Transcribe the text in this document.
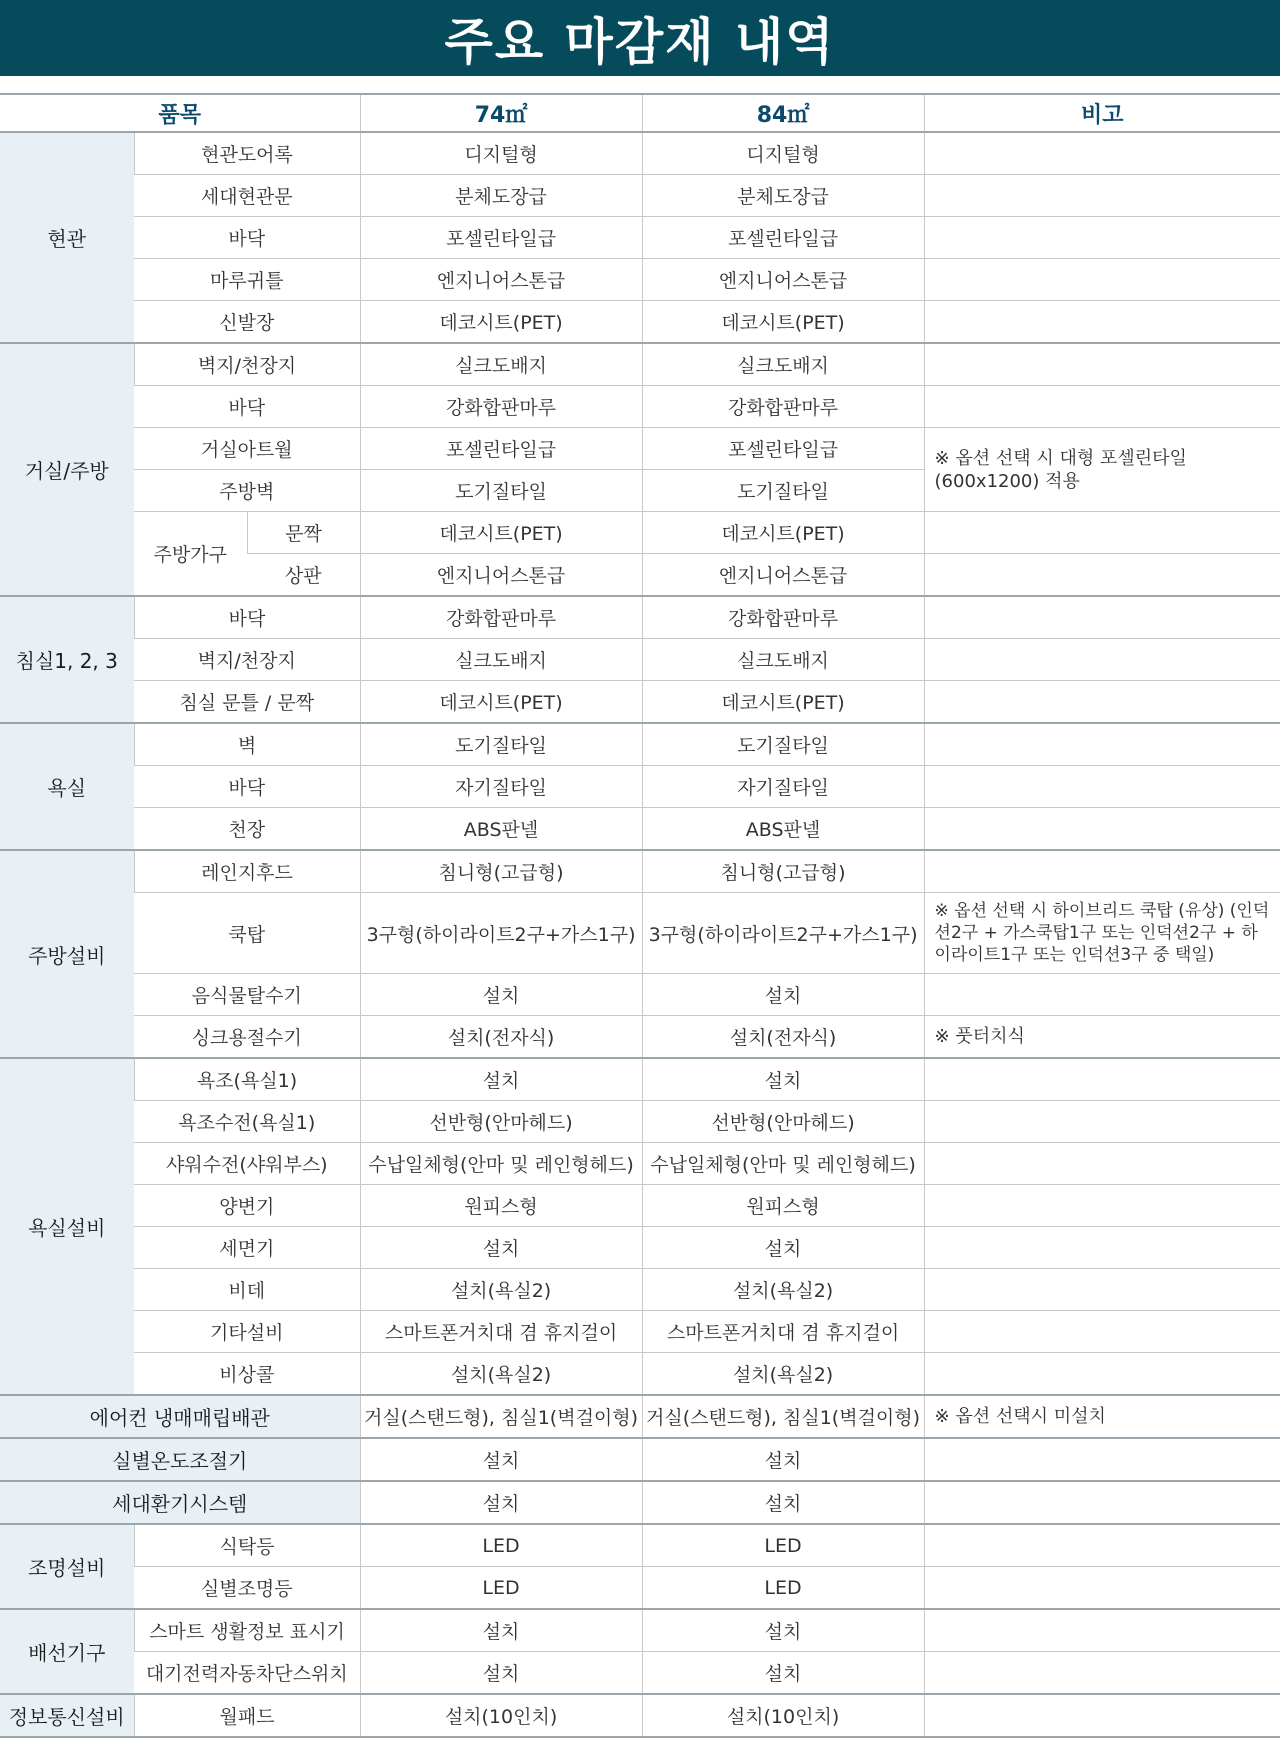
주요 마감재 내역
품목			74㎡	84㎡	비고
현관	현관도어록		디지털형	디지털형	
	세대현관문		분체도장급	분체도장급	
	바닥		포셀린타일급	포셀린타일급	
	마루귀틀		엔지니어스톤급	엔지니어스톤급	
	신발장		데코시트(PET)	데코시트(PET)	
거실/주방	벽지/천장지		실크도배지	실크도배지	
	바닥		강화합판마루	강화합판마루	
	거실아트월		포셀린타일급	포셀린타일급	※ 옵션 선택 시 대형 포셀린타일 (600x1200) 적용
	주방벽		도기질타일	도기질타일	
	주방가구	문짝	데코시트(PET)	데코시트(PET)	
		상판	엔지니어스톤급	엔지니어스톤급	
침실1, 2, 3	바닥		강화합판마루	강화합판마루	
	벽지/천장지		실크도배지	실크도배지	
	침실 문틀 / 문짝		데코시트(PET)	데코시트(PET)	
욕실	벽		도기질타일	도기질타일	
	바닥		자기질타일	자기질타일	
	천장		ABS판넬	ABS판넬	
주방설비	레인지후드		침니형(고급형)	침니형(고급형)	
	쿡탑		3구형(하이라이트2구+가스1구)	3구형(하이라이트2구+가스1구)	※ 옵션 선택 시 하이브리드 쿡탑 (유상) (인덕션2구 + 가스쿡탑1구 또는 인덕션2구 + 하이라이트1구 또는 인덕션3구 중 택일)
	음식물탈수기		설치	설치	
	싱크용절수기		설치(전자식)	설치(전자식)	※ 풋터치식
욕실설비	욕조(욕실1)		설치	설치	
	욕조수전(욕실1)		선반형(안마헤드)	선반형(안마헤드)	
	샤워수전(샤워부스)		수납일체형(안마 및 레인형헤드)	수납일체형(안마 및 레인형헤드)	
	양변기		원피스형	원피스형	
	세면기		설치	설치	
	비데		설치(욕실2)	설치(욕실2)	
	기타설비		스마트폰거치대 겸 휴지걸이	스마트폰거치대 겸 휴지걸이	
	비상콜		설치(욕실2)	설치(욕실2)	
에어컨 냉매매립배관			거실(스탠드형), 침실1(벽걸이형)	거실(스탠드형), 침실1(벽걸이형)	※ 옵션 선택시 미설치
실별온도조절기			설치	설치	
세대환기시스템			설치	설치	
조명설비	식탁등		LED	LED	
	실별조명등		LED	LED	
배선기구	스마트 생활정보 표시기		설치	설치	
	대기전력자동차단스위치		설치	설치	
정보통신설비	월패드		설치(10인치)	설치(10인치)	
